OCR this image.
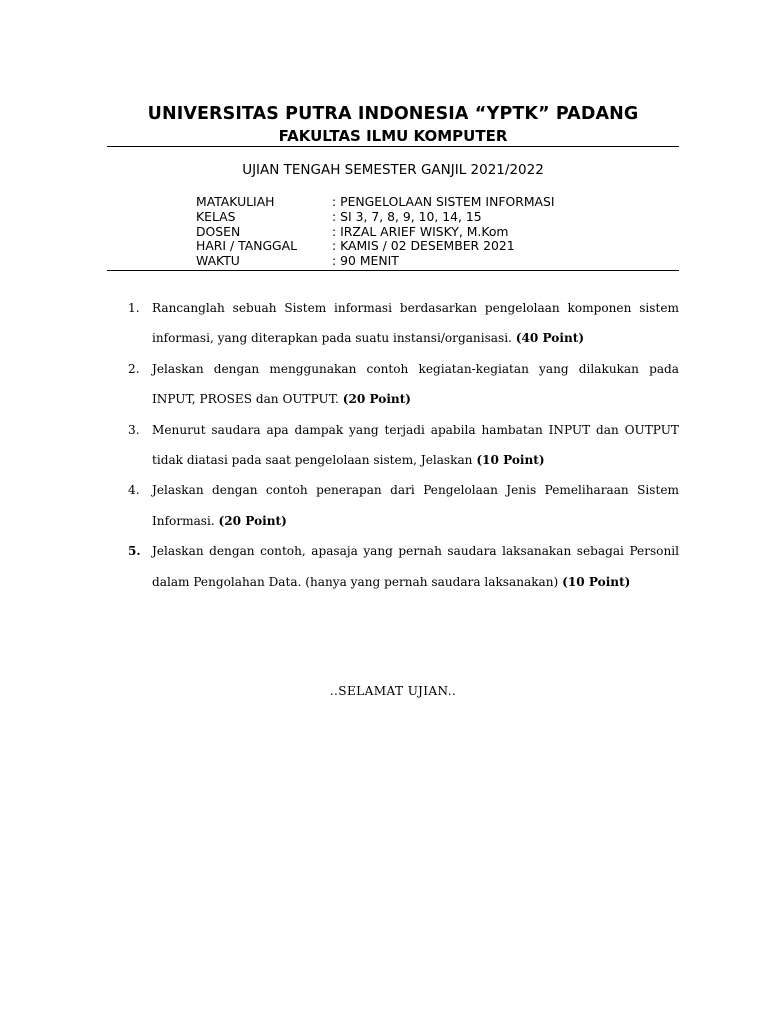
UNIVERSITAS PUTRA INDONESIA “YPTK” PADANG
FAKULTAS ILMU KOMPUTER

UJIAN TENGAH SEMESTER GANJIL 2021/2022

MATAKULIAH	: PENGELOLAAN SISTEM INFORMASI
KELAS	: SI 3, 7, 8, 9, 10, 14, 15
DOSEN	: IRZAL ARIEF WISKY, M.Kom
HARI / TANGGAL	: KAMIS / 02 DESEMBER 2021
WAKTU	: 90 MENIT
1.	Rancanglah sebuah Sistem informasi berdasarkan pengelolaan komponen sistem informasi, yang diterapkan pada suatu instansi/organisasi. (40 Point)
2.	Jelaskan dengan menggunakan contoh kegiatan-kegiatan yang dilakukan pada INPUT, PROSES dan OUTPUT. (20 Point)
3.	Menurut saudara apa dampak yang terjadi apabila hambatan INPUT dan OUTPUT tidak diatasi pada saat pengelolaan sistem, Jelaskan (10 Point)
4.	Jelaskan dengan contoh penerapan dari Pengelolaan Jenis Pemeliharaan Sistem Informasi. (20 Point)
5. Jelaskan dengan contoh, apasaja yang pernah saudara laksanakan sebagai Personil dalam Pengolahan Data. (hanya yang pernah saudara laksanakan) (10 Point)

..SELAMAT UJIAN..
